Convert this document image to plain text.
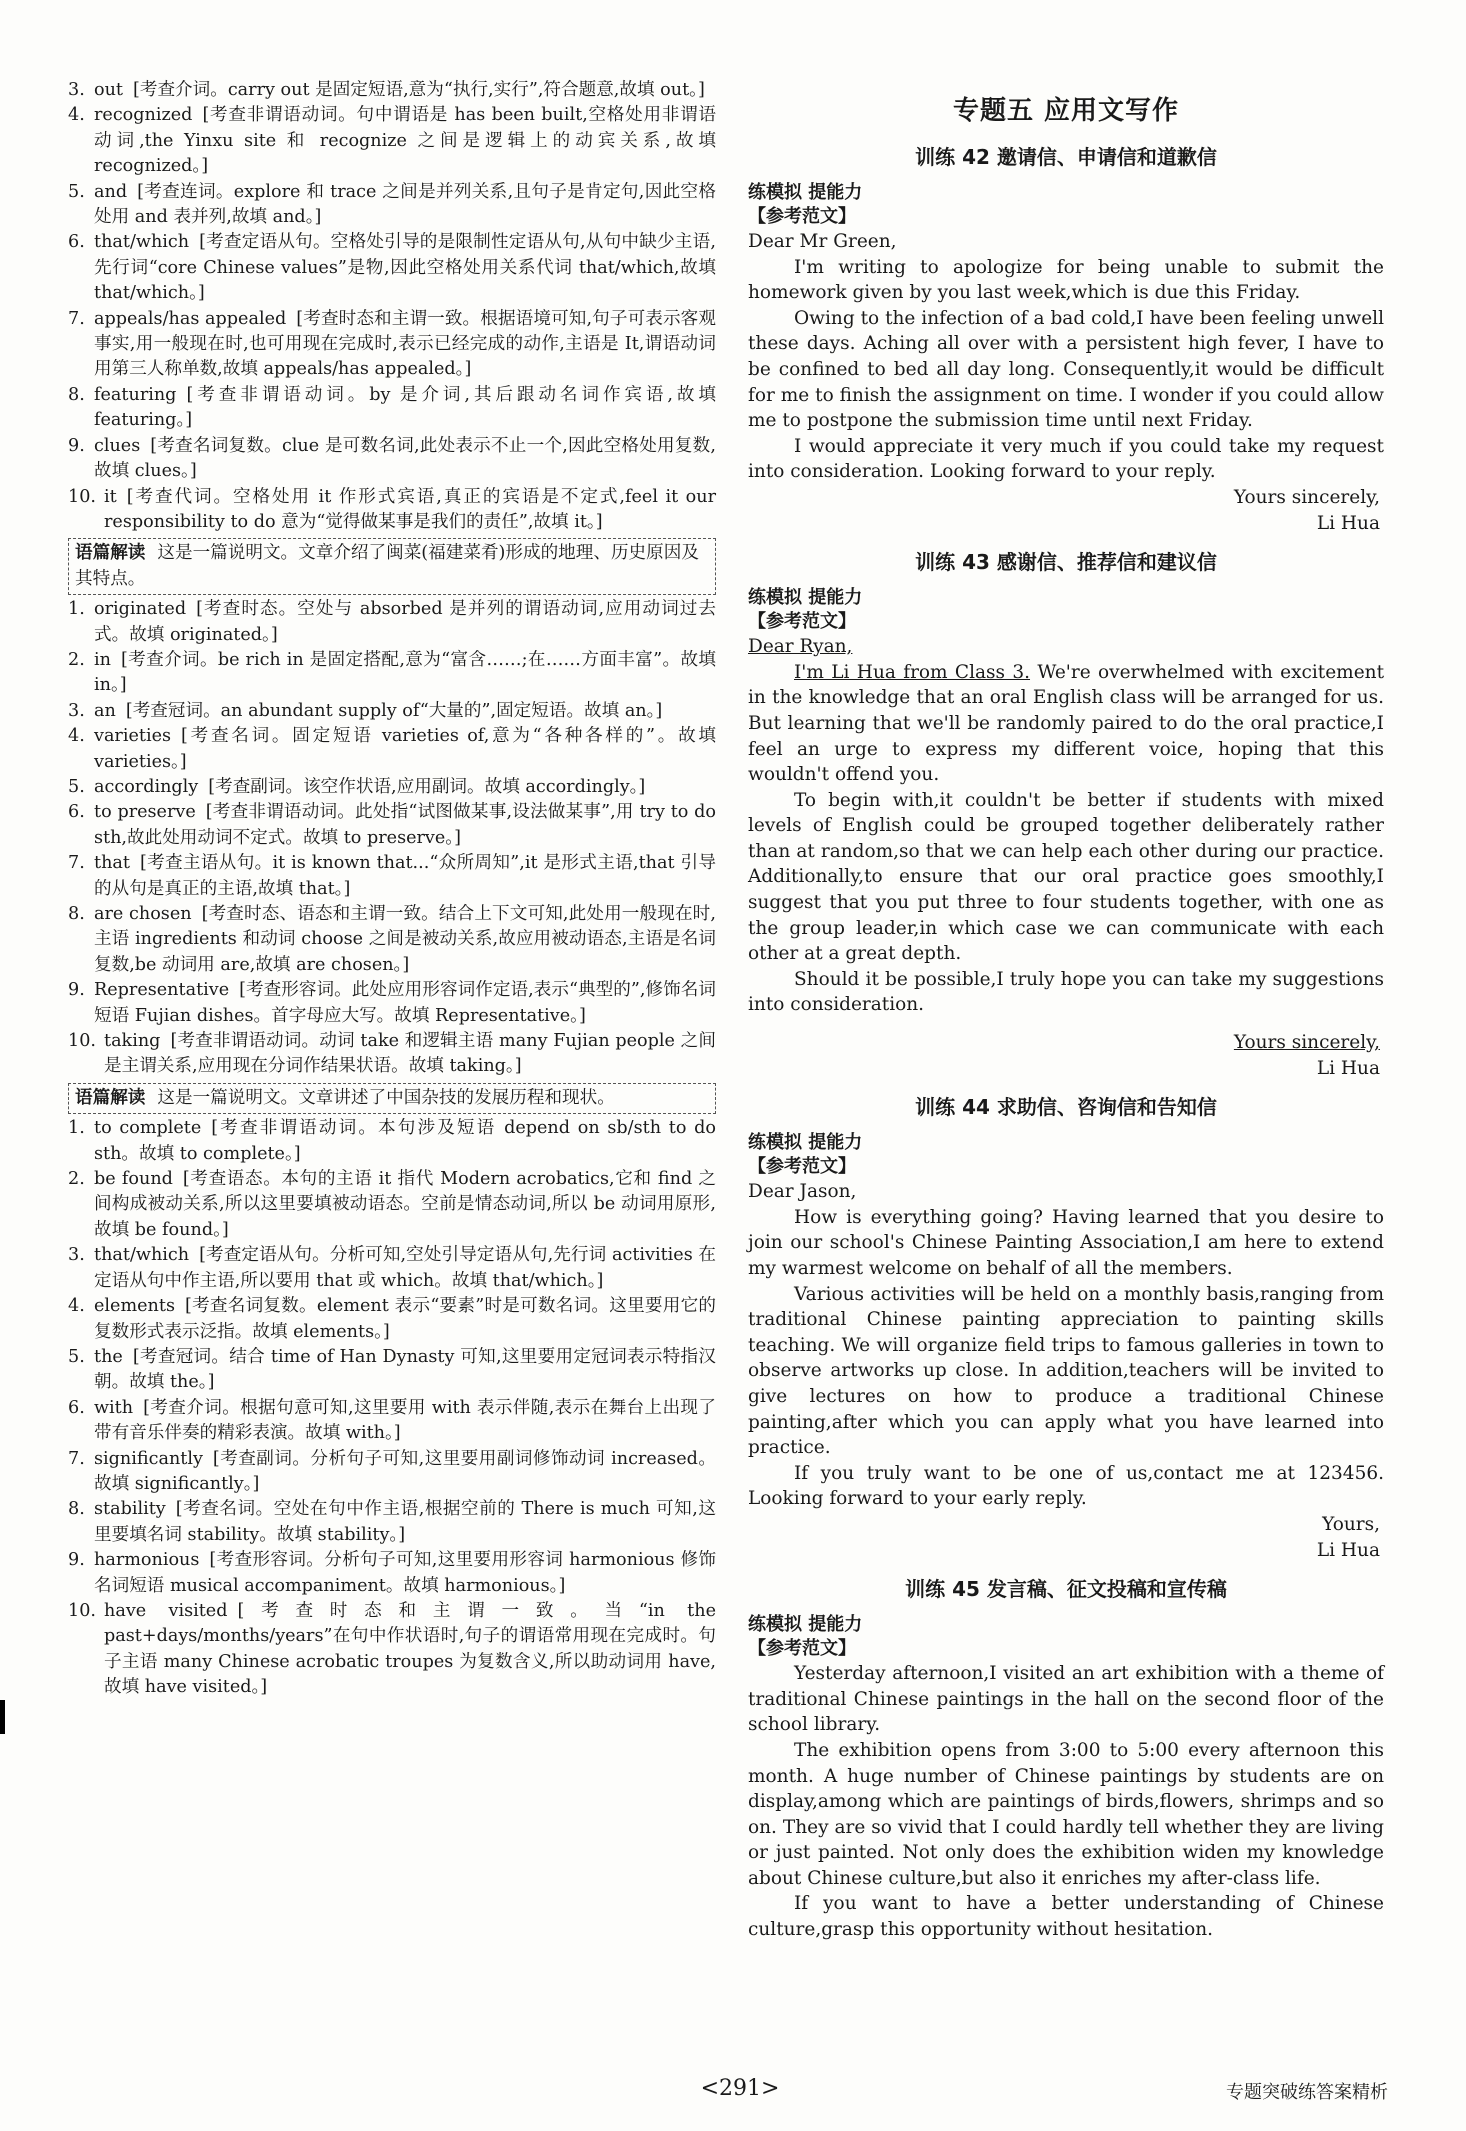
3. out [考查介词。carry out 是固定短语,意为“执行,实行”,符合题意,故填 out。]
4. recognized [考查非谓语动词。句中谓语是 has been built,空格处用非谓语动词,the Yinxu site 和 recognize 之间是逻辑上的动宾关系,故填 recognized。]
5. and [考查连词。explore 和 trace 之间是并列关系,且句子是肯定句,因此空格处用 and 表并列,故填 and。]
6. that/which [考查定语从句。空格处引导的是限制性定语从句,从句中缺少主语,先行词“core Chinese values”是物,因此空格处用关系代词 that/which,故填 that/which。]
7. appeals/has appealed [考查时态和主谓一致。根据语境可知,句子可表示客观事实,用一般现在时,也可用现在完成时,表示已经完成的动作,主语是 It,谓语动词用第三人称单数,故填 appeals/has appealed。]
8. featuring [考查非谓语动词。by 是介词,其后跟动名词作宾语,故填 featuring。]
9. clues [考查名词复数。clue 是可数名词,此处表示不止一个,因此空格处用复数,故填 clues。]
10. it [考查代词。空格处用 it 作形式宾语,真正的宾语是不定式,feel it our responsibility to do 意为“觉得做某事是我们的责任”,故填 it。]
语篇解读 这是一篇说明文。文章介绍了闽菜(福建菜肴)形成的地理、历史原因及其特点。
1. originated [考查时态。空处与 absorbed 是并列的谓语动词,应用动词过去式。故填 originated。]
2. in [考查介词。be rich in 是固定搭配,意为“富含……;在……方面丰富”。故填 in。]
3. an [考查冠词。an abundant supply of“大量的”,固定短语。故填 an。]
4. varieties [考查名词。固定短语 varieties of,意为“各种各样的”。故填 varieties。]
5. accordingly [考查副词。该空作状语,应用副词。故填 accordingly。]
6. to preserve [考查非谓语动词。此处指“试图做某事,设法做某事”,用 try to do sth,故此处用动词不定式。故填 to preserve。]
7. that [考查主语从句。it is known that...“众所周知”,it 是形式主语,that 引导的从句是真正的主语,故填 that。]
8. are chosen [考查时态、语态和主谓一致。结合上下文可知,此处用一般现在时,主语 ingredients 和动词 choose 之间是被动关系,故应用被动语态,主语是名词复数,be 动词用 are,故填 are chosen。]
9. Representative [考查形容词。此处应用形容词作定语,表示“典型的”,修饰名词短语 Fujian dishes。首字母应大写。故填 Representative。]
10. taking [考查非谓语动词。动词 take 和逻辑主语 many Fujian people 之间是主谓关系,应用现在分词作结果状语。故填 taking。]
语篇解读 这是一篇说明文。文章讲述了中国杂技的发展历程和现状。
1. to complete [考查非谓语动词。本句涉及短语 depend on sb/sth to do sth。故填 to complete。]
2. be found [考查语态。本句的主语 it 指代 Modern acrobatics,它和 find 之间构成被动关系,所以这里要填被动语态。空前是情态动词,所以 be 动词用原形,故填 be found。]
3. that/which [考查定语从句。分析可知,空处引导定语从句,先行词 activities 在定语从句中作主语,所以要用 that 或 which。故填 that/which。]
4. elements [考查名词复数。element 表示“要素”时是可数名词。这里要用它的复数形式表示泛指。故填 elements。]
5. the [考查冠词。结合 time of Han Dynasty 可知,这里要用定冠词表示特指汉朝。故填 the。]
6. with [考查介词。根据句意可知,这里要用 with 表示伴随,表示在舞台上出现了带有音乐伴奏的精彩表演。故填 with。]
7. significantly [考查副词。分析句子可知,这里要用副词修饰动词 increased。故填 significantly。]
8. stability [考查名词。空处在句中作主语,根据空前的 There is much 可知,这里要填名词 stability。故填 stability。]
9. harmonious [考查形容词。分析句子可知,这里要用形容词 harmonious 修饰名词短语 musical accompaniment。故填 harmonious。]
10. have visited [考查时态和主谓一致。当“in the past+days/months/years”在句中作状语时,句子的谓语常用现在完成时。句子主语 many Chinese acrobatic troupes 为复数含义,所以助动词用 have,故填 have visited。]
专题五 应用文写作
训练 42 邀请信、申请信和道歉信
练模拟 提能力
【参考范文】

Dear Mr Green,

I'm writing to apologize for being unable to submit the homework given by you last week,which is due this Friday.

Owing to the infection of a bad cold,I have been feeling unwell these days. Aching all over with a persistent high fever, I have to be confined to bed all day long. Consequently,it would be difficult for me to finish the assignment on time. I wonder if you could allow me to postpone the submission time until next Friday.

I would appreciate it very much if you could take my request into consideration. Looking forward to your reply.

Yours sincerely,

Li Hua

训练 43 感谢信、推荐信和建议信
练模拟 提能力
【参考范文】

Dear Ryan,

I'm Li Hua from Class 3. We're overwhelmed with excitement in the knowledge that an oral English class will be arranged for us. But learning that we'll be randomly paired to do the oral practice,I feel an urge to express my different voice, hoping that this wouldn't offend you.

To begin with,it couldn't be better if students with mixed levels of English could be grouped together deliberately rather than at random,so that we can help each other during our practice. Additionally,to ensure that our oral practice goes smoothly,I suggest that you put three to four students together, with one as the group leader,in which case we can communicate with each other at a great depth.

Should it be possible,I truly hope you can take my suggestions into consideration.

Yours sincerely,

Li Hua

训练 44 求助信、咨询信和告知信
练模拟 提能力
【参考范文】

Dear Jason,

How is everything going? Having learned that you desire to join our school's Chinese Painting Association,I am here to extend my warmest welcome on behalf of all the members.

Various activities will be held on a monthly basis,ranging from traditional Chinese painting appreciation to painting skills teaching. We will organize field trips to famous galleries in town to observe artworks up close. In addition,teachers will be invited to give lectures on how to produce a traditional Chinese painting,after which you can apply what you have learned into practice.

If you truly want to be one of us,contact me at 123456. Looking forward to your early reply.

Yours,

Li Hua

训练 45 发言稿、征文投稿和宣传稿
练模拟 提能力
【参考范文】

Yesterday afternoon,I visited an art exhibition with a theme of traditional Chinese paintings in the hall on the second floor of the school library.

The exhibition opens from 3:00 to 5:00 every afternoon this month. A huge number of Chinese paintings by students are on display,among which are paintings of birds,flowers, shrimps and so on. They are so vivid that I could hardly tell whether they are living or just painted. Not only does the exhibition widen my knowledge about Chinese culture,but also it enriches my after-class life.

If you want to have a better understanding of Chinese culture,grasp this opportunity without hesitation.

<291>	专题突破练答案精析
